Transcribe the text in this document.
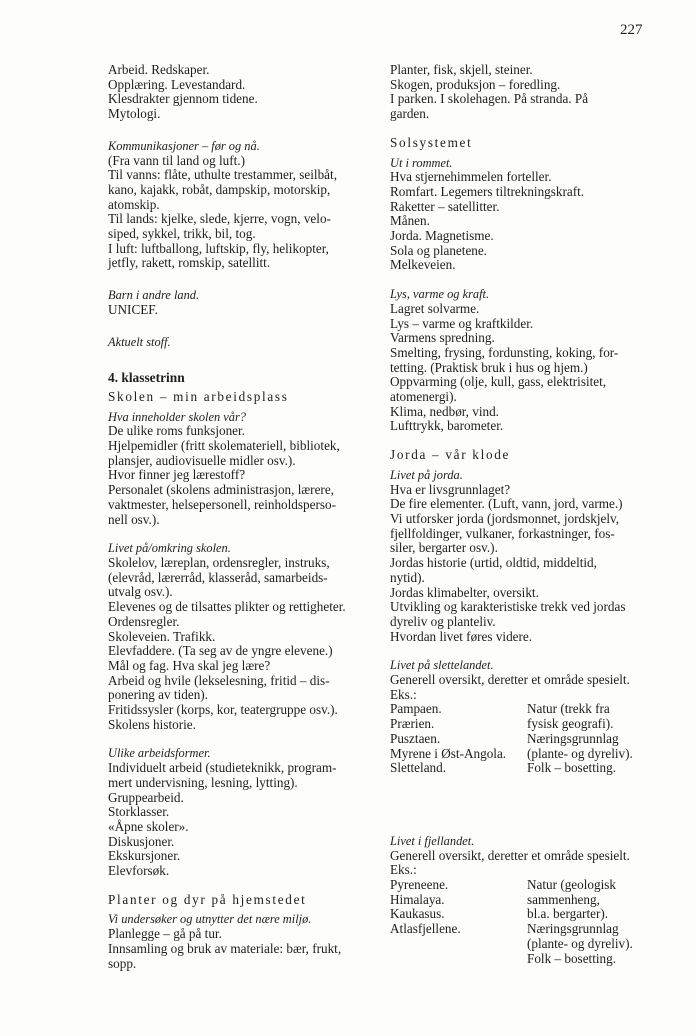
227
Arbeid. Redskaper.
Opplæring. Levestandard.
Klesdrakter gjennom tidene.
Mytologi.
Kommunikasjoner – før og nå.
(Fra vann til land og luft.)
Til vanns: flåte, uthulte trestammer, seilbåt,
kano, kajakk, robåt, dampskip, motorskip,
atomskip.
Til lands: kjelke, slede, kjerre, vogn, velo-
siped, sykkel, trikk, bil, tog.
I luft: luftballong, luftskip, fly, helikopter,
jetfly, rakett, romskip, satellitt.
Barn i andre land.
UNICEF.
Aktuelt stoff.
4. klassetrinn
Skolen – min arbeidsplass
Hva inneholder skolen vår?
De ulike roms funksjoner.
Hjelpemidler (fritt skolemateriell, bibliotek,
plansjer, audiovisuelle midler osv.).
Hvor finner jeg lærestoff?
Personalet (skolens administrasjon, lærere,
vaktmester, helsepersonell, reinholdsperso-
nell osv.).
Livet på/omkring skolen.
Skolelov, læreplan, ordensregler, instruks,
(elevråd, lærerråd, klasseråd, samarbeids-
utvalg osv.).
Elevenes og de tilsattes plikter og rettigheter.
Ordensregler.
Skoleveien. Trafikk.
Elevfaddere. (Ta seg av de yngre elevene.)
Mål og fag. Hva skal jeg lære?
Arbeid og hvile (lekselesning, fritid – dis-
ponering av tiden).
Fritidssysler (korps, kor, teatergruppe osv.).
Skolens historie.
Ulike arbeidsformer.
Individuelt arbeid (studieteknikk, program-
mert undervisning, lesning, lytting).
Gruppearbeid.
Storklasser.
«Åpne skoler».
Diskusjoner.
Ekskursjoner.
Elevforsøk.
Planter og dyr på hjemstedet
Vi undersøker og utnytter det nære miljø.
Planlegge – gå på tur.
Innsamling og bruk av materiale: bær, frukt,
sopp.
Planter, fisk, skjell, steiner.
Skogen, produksjon – foredling.
I parken. I skolehagen. På stranda. På
garden.
Solsystemet
Ut i rommet.
Hva stjernehimmelen forteller.
Romfart. Legemers tiltrekningskraft.
Raketter – satellitter.
Månen.
Jorda. Magnetisme.
Sola og planetene.
Melkeveien.
Lys, varme og kraft.
Lagret solvarme.
Lys – varme og kraftkilder.
Varmens spredning.
Smelting, frysing, fordunsting, koking, for-
tetting. (Praktisk bruk i hus og hjem.)
Oppvarming (olje, kull, gass, elektrisitet,
atomenergi).
Klima, nedbør, vind.
Lufttrykk, barometer.
Jorda – vår klode
Livet på jorda.
Hva er livsgrunnlaget?
De fire elementer. (Luft, vann, jord, varme.)
Vi utforsker jorda (jordsmonnet, jordskjelv,
fjellfoldinger, vulkaner, forkastninger, fos-
siler, bergarter osv.).
Jordas historie (urtid, oldtid, middeltid,
nytid).
Jordas klimabelter, oversikt.
Utvikling og karakteristiske trekk ved jordas
dyreliv og planteliv.
Hvordan livet føres videre.
Livet på slettelandet.
Generell oversikt, deretter et område spesielt.
Eks.:
Pampaen.	Natur (trekk fra
Prærien.	fysisk geografi).
Pusztaen.	Næringsgrunnlag
Myrene i Øst-Angola.	(plante- og dyreliv).
Sletteland.	Folk – bosetting.
Livet i fjellandet.
Generell oversikt, deretter et område spesielt.
Eks.:
Pyreneene.	Natur (geologisk
Himalaya.	sammenheng,
Kaukasus.	bl.a. bergarter).
Atlasfjellene.	Næringsgrunnlag
(plante- og dyreliv).
Folk – bosetting.
